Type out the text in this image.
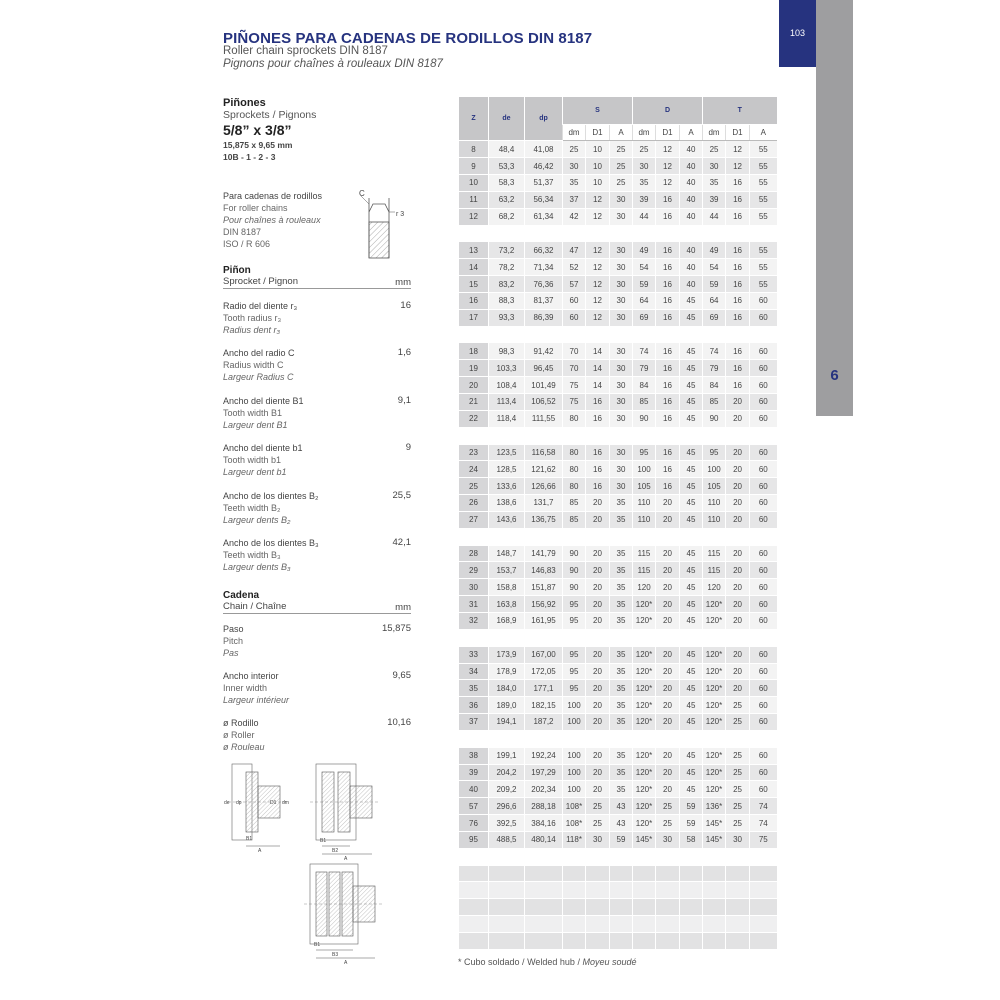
103
6
PIÑONES PARA CADENAS DE RODILLOS DIN 8187
Roller chain sprockets DIN 8187
Pignons pour chaînes à rouleaux DIN 8187
Piñones
Sprockets / Pignons
5/8” x 3/8”
15,875 x 9,65 mm
10B - 1 - 2 - 3
Para cadenas de rodillos
For roller chains
Pour chaînes à rouleaux
DIN 8187
ISO / R 606
C
r 3
Piñon
Sprocket / Pignon	mm
Radio del diente r₃
Tooth radius r₃
Radius dent r₃
16
Ancho del radio C
Radius width C
Largeur Radius C
1,6
Ancho del diente B1
Tooth width B1
Largeur dent B1
9,1
Ancho del diente b1
Tooth width b1
Largeur dent b1
9
Ancho de los dientes B₂
Teeth width B₂
Largeur dents B₂
25,5
Ancho de los dientes B₃
Teeth width B₃
Largeur dents B₃
42,1
Cadena
Chain / Chaîne	mm
Paso
Pitch
Pas
15,875
Ancho interior
Inner width
Largeur intérieur
9,65
ø Rodillo
ø Roller
ø Rouleau
10,16
A
B1
de dp	D1 dm
B2
A
B1
B3
A
B1
Z	de	dp	S			D			T		
			dm	D1	A	dm	D1	A	dm	D1	A
8	48,4	41,08	25	10	25	25	12	40	25	12	55
9	53,3	46,42	30	10	25	30	12	40	30	12	55
10	58,3	51,37	35	10	25	35	12	40	35	16	55
11	63,2	56,34	37	12	30	39	16	40	39	16	55
12	68,2	61,34	42	12	30	44	16	40	44	16	55

13	73,2	66,32	47	12	30	49	16	40	49	16	55
14	78,2	71,34	52	12	30	54	16	40	54	16	55
15	83,2	76,36	57	12	30	59	16	40	59	16	55
16	88,3	81,37	60	12	30	64	16	45	64	16	60
17	93,3	86,39	60	12	30	69	16	45	69	16	60

18	98,3	91,42	70	14	30	74	16	45	74	16	60
19	103,3	96,45	70	14	30	79	16	45	79	16	60
20	108,4	101,49	75	14	30	84	16	45	84	16	60
21	113,4	106,52	75	16	30	85	16	45	85	20	60
22	118,4	111,55	80	16	30	90	16	45	90	20	60

23	123,5	116,58	80	16	30	95	16	45	95	20	60
24	128,5	121,62	80	16	30	100	16	45	100	20	60
25	133,6	126,66	80	16	30	105	16	45	105	20	60
26	138,6	131,7	85	20	35	110	20	45	110	20	60
27	143,6	136,75	85	20	35	110	20	45	110	20	60

28	148,7	141,79	90	20	35	115	20	45	115	20	60
29	153,7	146,83	90	20	35	115	20	45	115	20	60
30	158,8	151,87	90	20	35	120	20	45	120	20	60
31	163,8	156,92	95	20	35	120*	20	45	120*	20	60
32	168,9	161,95	95	20	35	120*	20	45	120*	20	60

33	173,9	167,00	95	20	35	120*	20	45	120*	20	60
34	178,9	172,05	95	20	35	120*	20	45	120*	20	60
35	184,0	177,1	95	20	35	120*	20	45	120*	20	60
36	189,0	182,15	100	20	35	120*	20	45	120*	25	60
37	194,1	187,2	100	20	35	120*	20	45	120*	25	60

38	199,1	192,24	100	20	35	120*	20	45	120*	25	60
39	204,2	197,29	100	20	35	120*	20	45	120*	25	60
40	209,2	202,34	100	20	35	120*	20	45	120*	25	60
57	296,6	288,18	108*	25	43	120*	25	59	136*	25	74
76	392,5	384,16	108*	25	43	120*	25	59	145*	25	74
95	488,5	480,14	118*	30	59	145*	30	58	145*	30	75

* Cubo soldado / Welded hub / Moyeu soudé
